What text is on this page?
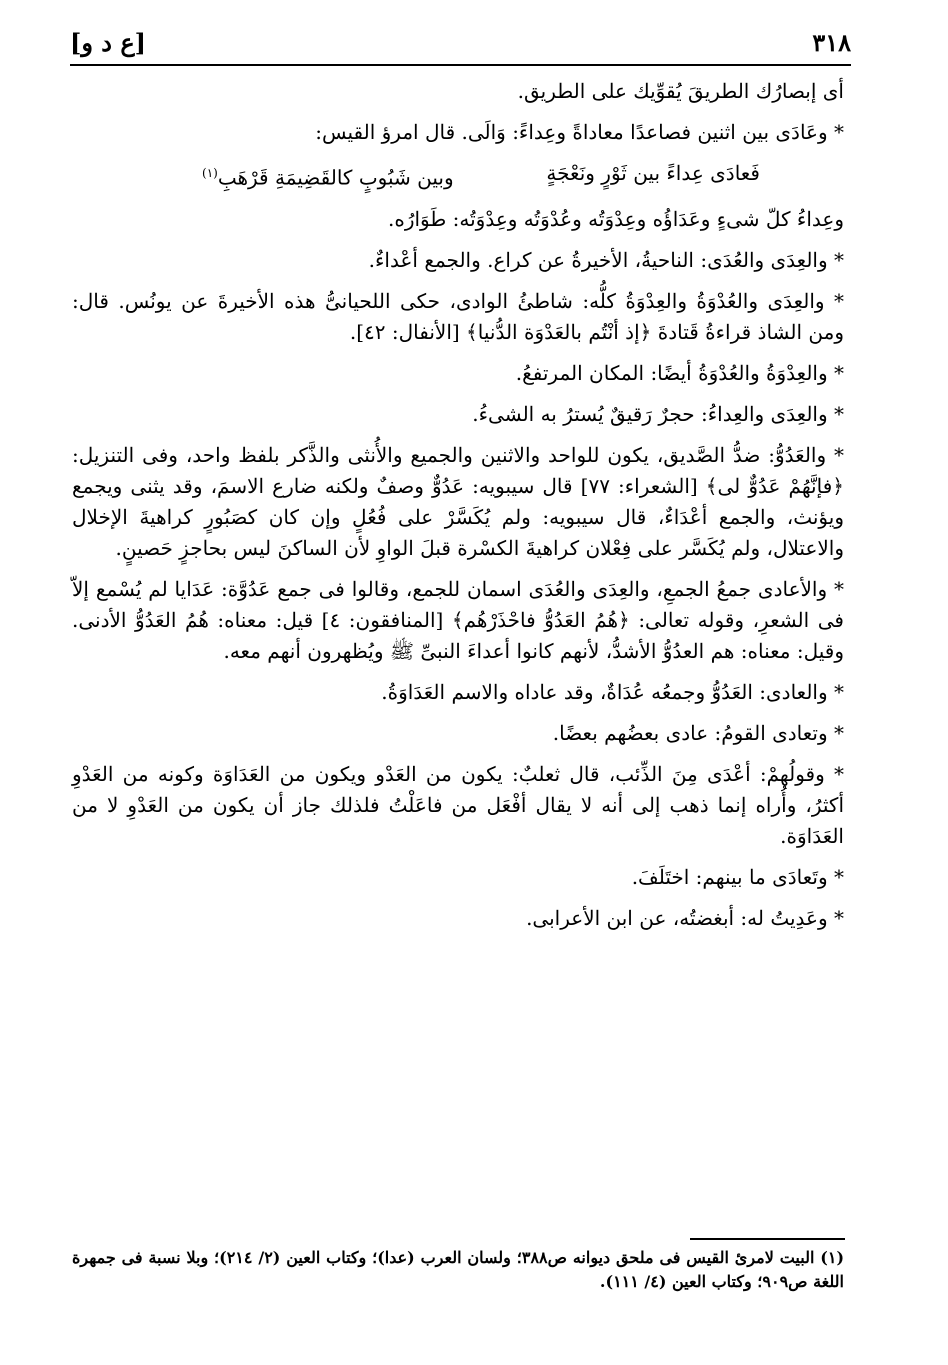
٣١٨
[ع د و]

أى إبصارُك الطريقَ يُقوِّيك على الطريق.

* وعَادَى بين اثنين فصاعدًا معاداةً وعِداءً: وَالَى. قال امرؤ القيس:

فَعادَى عِداءً بين ثَوْرٍ ونَعْجَةٍ
وبين شَبُوبٍ كالقَضِيمَةِ قَرْهَبِ$^{(١)}$

وعِداءُ كلّ شىءٍ وعَدَاؤُه وعِدْوَتُه وعُدْوَتُه وعِدْوَتُه: طَوَارُه.

* والعِدَى والعُدَى: الناحيةُ، الأخيرةُ عن كراع. والجمع أعْداءٌ.

* والعِدَى والعُدْوَةُ والعِدْوَةُ كلُّه: شاطئُ الوادى، حكى اللحيانىُّ هذه الأخيرةَ عن يونُس. قال: ومن الشاذ قراءةُ قَتادةَ ﴿إذ أنْتُم بالعَدْوَة الدُّنيا﴾ [الأنفال: ٤٢].

* والعِدْوَةُ والعُدْوَةُ أيضًا: المكان المرتفعُ.

* والعِدَى والعِداءُ: حجرٌ رَقيقٌ يُسترُ به الشىءُ.

* والعَدُوُّ: ضدُّ الصَّديق، يكون للواحد والاثنين والجميع والأُنثى والذَّكر بلفظ واحد، وفى التنزيل: ﴿فإنَّهُمْ عَدُوٌّ لى﴾ [الشعراء: ٧٧] قال سيبويه: عَدُوٌّ وصفٌ ولكنه ضارع الاسمَ، وقد يثنى ويجمع ويؤنث، والجمع أعْدَاءٌ، قال سيبويه: ولم يُكَسَّرْ على فُعُلٍ وإن كان كصَبُورٍ كراهيةَ الإخلال والاعتلال، ولم يُكَسَّر على فِعْلان كراهيةَ الكسْرة قبلَ الواوِ لأن الساكنَ ليس بحاجزٍ حَصينٍ.

* والأعادى جمعُ الجمعِ، والعِدَى والعُدَى اسمان للجمع، وقالوا فى جمع عَدُوَّة: عَدَايا لم يُسْمع إلاّ فى الشعرِ، وقوله تعالى: ﴿هُمُ العَدُوُّ فاحْذَرْهُم﴾ [المنافقون: ٤] قيل: معناه: هُمُ العَدُوُّ الأدنى. وقيل: معناه: هم العدُوُّ الأشدُّ، لأنهم كانوا أعداءَ النبىِّ ﷺ ويُظهرون أنهم معه.

* والعادى: العَدُوُّ وجمعُه عُدَاةٌ، وقد عاداه والاسم العَدَاوَةُ.

* وتعادى القومُ: عادى بعضُهم بعضًا.

* وقولُهمْ: أعْدَى مِنَ الذِّئب، قال ثعلبٌ: يكون من العَدْو ويكون من العَدَاوَة وكونه من العَدْوِ أكثرُ، وأُراه إنما ذهب إلى أنه لا يقال أفْعَل من فاعَلْتُ فلذلك جاز أن يكون من العَدْوِ لا من العَدَاوَة.

* وتَعادَى ما بينهم: اختَلَفَ.

* وعَدِيتُ له: أبغضتُه، عن ابن الأعرابى.

(١) البيت لامرئ القيس فى ملحق ديوانه ص٣٨٨؛ ولسان العرب (عدا)؛ وكتاب العين (٢/ ٢١٤)؛ وبلا نسبة فى جمهرة اللغة ص٩٠٩؛ وكتاب العين (٤/ ١١١).
